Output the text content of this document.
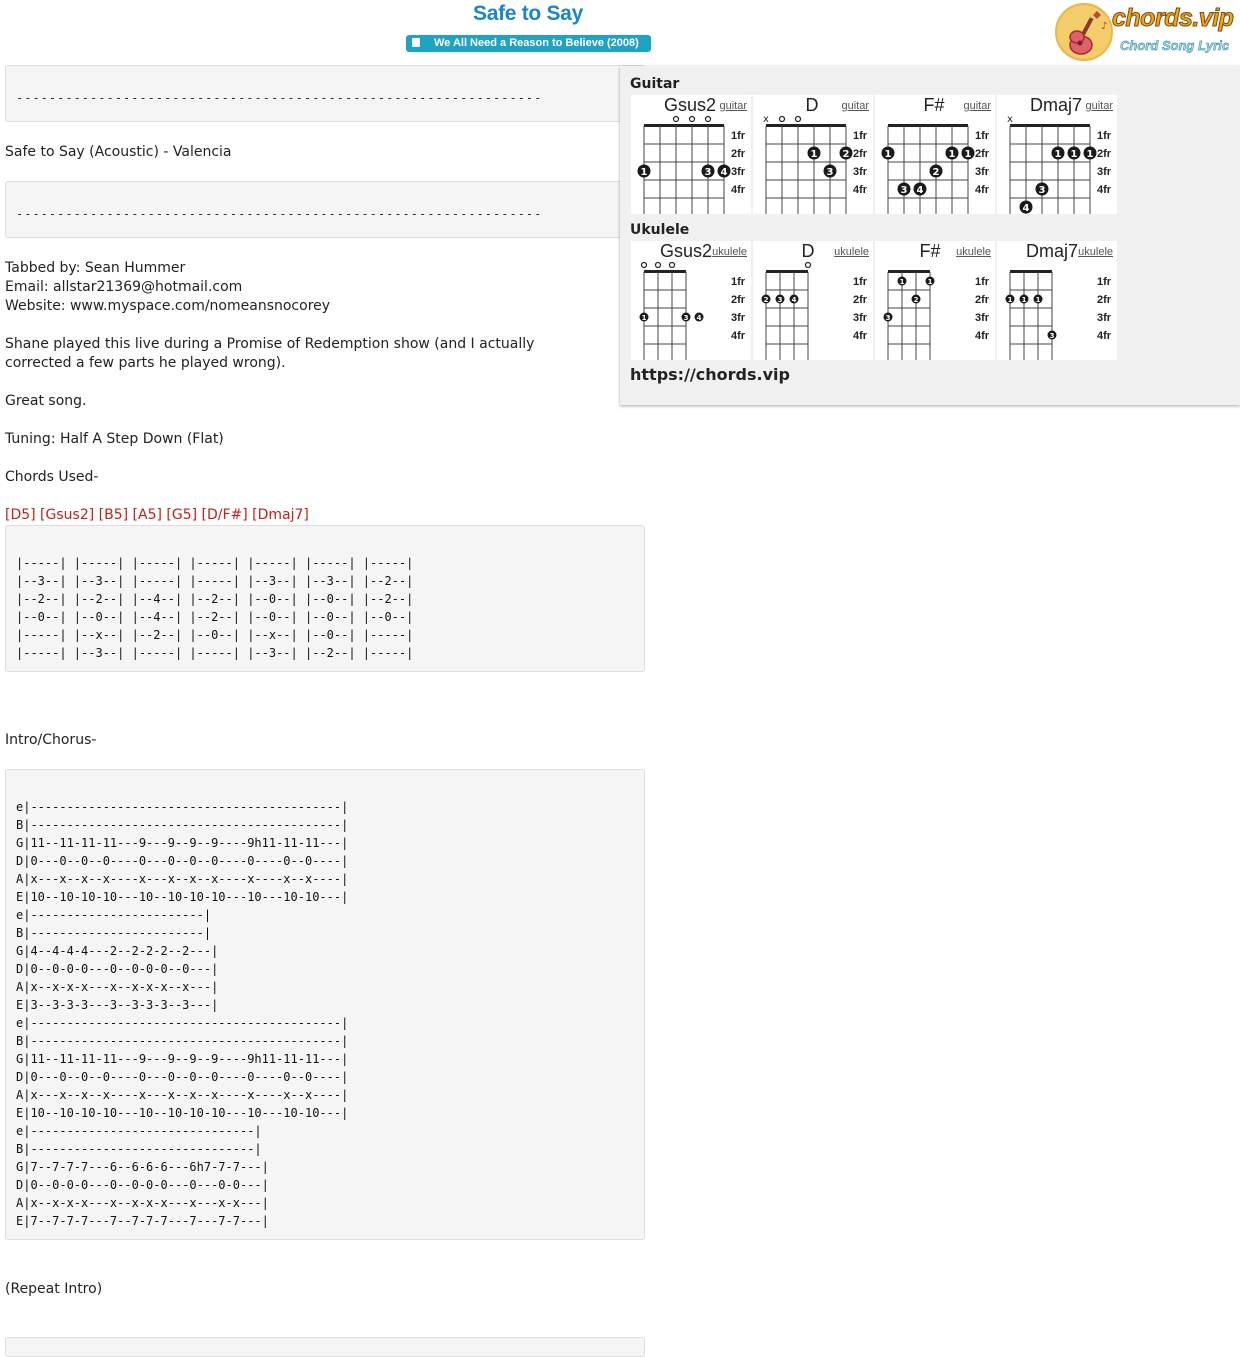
Safe to Say
We All Need a Reason to Believe (2008)
♪ chords.vip
Chord Song Lyric

----------------------------------------------------------------

Safe to Say (Acoustic) - Valencia

----------------------------------------------------------------

Tabbed by: Sean Hummer
Email: allstar21369@hotmail.com
Website: www.myspace.com/nomeansnocorey
Shane played this live during a Promise of Redemption show (and I actually
corrected a few parts he played wrong).
Great song.
Tuning: Half A Step Down (Flat)
Chords Used-
[D5] [Gsus2] [B5] [A5] [G5] [D/F#] [Dmaj7]

|-----| |-----| |-----| |-----| |-----| |-----| |-----|
|--3--| |--3--| |-----| |-----| |--3--| |--3--| |--2--|
|--2--| |--2--| |--4--| |--2--| |--0--| |--0--| |--2--|
|--0--| |--0--| |--4--| |--2--| |--0--| |--0--| |--0--|
|-----| |--x--| |--2--| |--0--| |--x--| |--0--| |-----|
|-----| |--3--| |-----| |-----| |--3--| |--2--| |-----|

Intro/Chorus-

e|-------------------------------------------|
B|-------------------------------------------|
G|11--11-11-11---9---9--9--9----9h11-11-11---|
D|0---0--0--0----0---0--0--0----0----0--0----|
A|x---x--x--x----x---x--x--x----x----x--x----|
E|10--10-10-10---10--10-10-10---10---10-10---|
e|------------------------|
B|------------------------|
G|4--4-4-4---2--2-2-2--2---|
D|0--0-0-0---0--0-0-0--0---|
A|x--x-x-x---x--x-x-x--x---|
E|3--3-3-3---3--3-3-3--3---|
e|-------------------------------------------|
B|-------------------------------------------|
G|11--11-11-11---9---9--9--9----9h11-11-11---|
D|0---0--0--0----0---0--0--0----0----0--0----|
A|x---x--x--x----x---x--x--x----x----x--x----|
E|10--10-10-10---10--10-10-10---10---10-10---|
e|-------------------------------|
B|-------------------------------|
G|7--7-7-7---6--6-6-6---6h7-7-7---|
D|0--0-0-0---0--0-0-0---0---0-0---|
A|x--x-x-x---x--x-x-x---x---x-x---|
E|7--7-7-7---7--7-7-7---7---7-7---|

(Repeat Intro)
Guitar
Gsus2 guitar
1fr
2fr
3fr
4fr
1	3 4
D	guitar
1fr
2fr
3fr
4fr
x
1
3
2
F#	guitar
1fr
2fr
3fr
4fr
1
3 4
2
1 1
Dmaj7 guitar
1fr
2fr
3fr
4fr
x
4
3
1 1 1
Ukulele
Gsus2 ukulele
1fr
2fr
3fr
4fr
1	3 4
D	ukulele
1fr
2fr
3fr
4fr
2 3 4
F#	ukulele
1fr
2fr
3fr
4fr
3
1
2
1
Dmaj7 ukulele
1fr
2fr
3fr
4fr
1 1 1
3
https://chords.vip
